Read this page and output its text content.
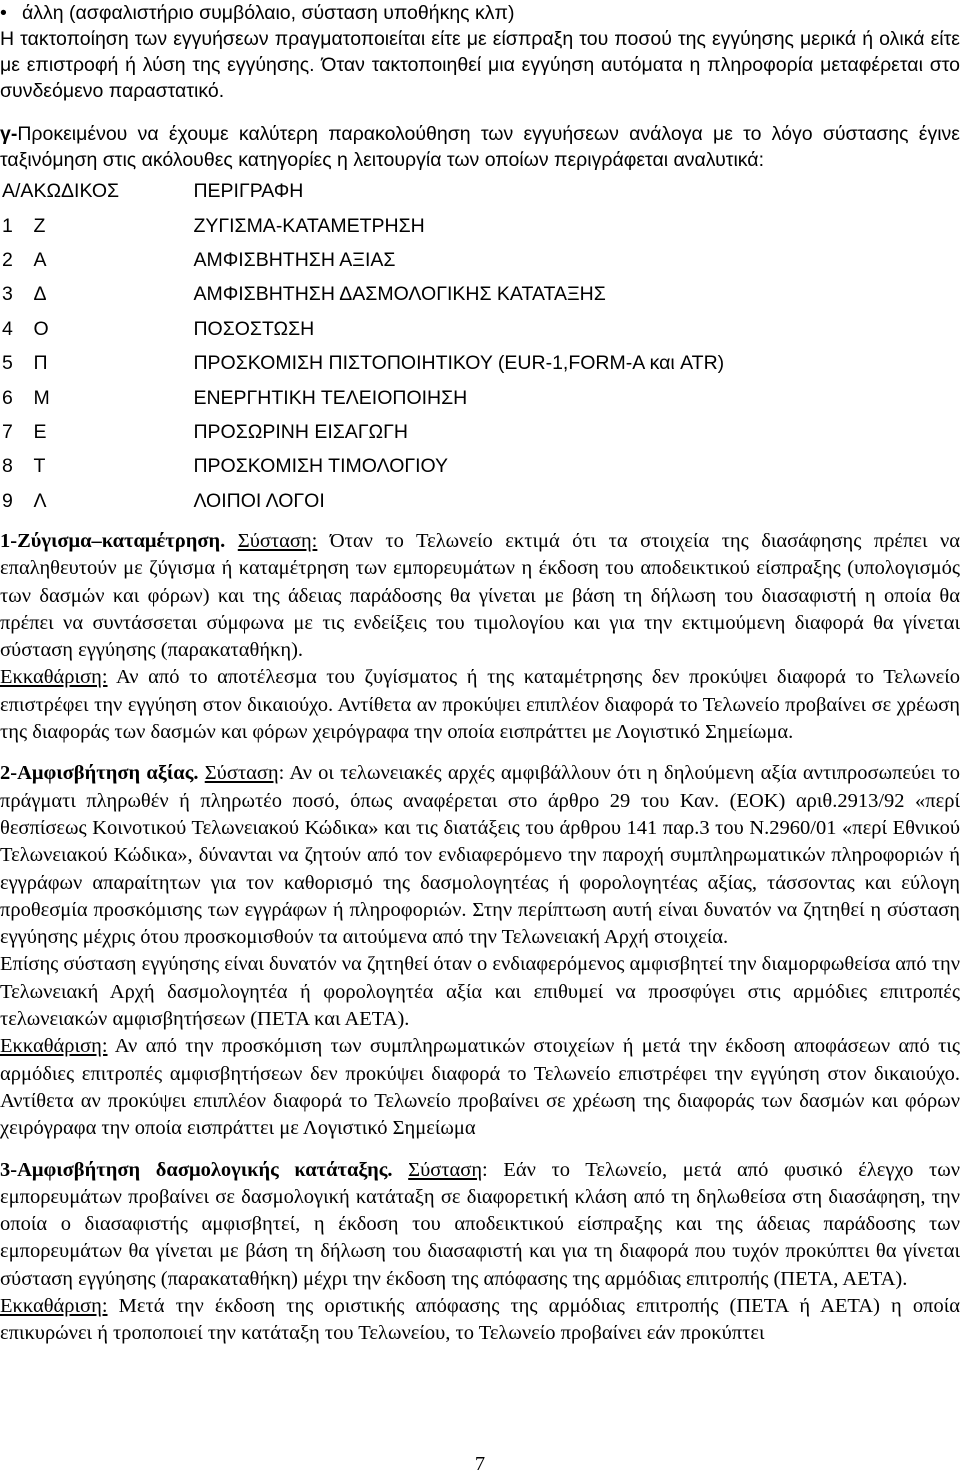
• άλλη (ασφαλιστήριο συμβόλαιο, σύσταση υποθήκης κλπ)
Η τακτοποίηση των εγγυήσεων πραγματοποιείται είτε με είσπραξη του ποσού της εγγύησης μερικά ή ολικά είτε με επιστροφή ή λύση της εγγύησης. Όταν τακτοποιηθεί μια εγγύηση αυτόματα η πληροφορία μεταφέρεται στο συνδεόμενο παραστατικό.
γ-Προκειμένου να έχουμε καλύτερη παρακολούθηση των εγγυήσεων ανάλογα με το λόγο σύστασης έγινε ταξινόμηση στις ακόλουθες κατηγορίες η λειτουργία των οποίων περιγράφεται αναλυτικά:
Α/Α	ΚΩΔΙΚΟΣ	ΠΕΡΙΓΡΑΦΗ
1	Ζ	ΖΥΓΙΣΜΑ-ΚΑΤΑΜΕΤΡΗΣΗ
2	Α	ΑΜΦΙΣΒΗΤΗΣΗ ΑΞΙΑΣ
3	Δ	ΑΜΦΙΣΒΗΤΗΣΗ ΔΑΣΜΟΛΟΓΙΚΗΣ ΚΑΤΑΤΑΞΗΣ
4	Ο	ΠΟΣΟΣΤΩΣΗ
5	Π	ΠΡΟΣΚΟΜΙΣΗ ΠΙΣΤΟΠΟΙΗΤΙΚΟΥ (EUR-1,FORM-A και ATR)
6	Μ	ΕΝΕΡΓΗΤΙΚΗ ΤΕΛΕΙΟΠΟΙΗΣΗ
7	Ε	ΠΡΟΣΩΡΙΝΗ ΕΙΣΑΓΩΓΗ
8	Τ	ΠΡΟΣΚΟΜΙΣΗ ΤΙΜΟΛΟΓΙΟΥ
9	Λ	ΛΟΙΠΟΙ ΛΟΓΟΙ

1-Ζύγισμα–καταμέτρηση. Σύσταση: Όταν το Τελωνείο εκτιμά ότι τα στοιχεία της διασάφησης πρέπει να επαληθευτούν με ζύγισμα ή καταμέτρηση των εμπορευμάτων η έκδοση του αποδεικτικού είσπραξης (υπολογισμός των δασμών και φόρων) και της άδειας παράδοσης θα γίνεται με βάση τη δήλωση του διασαφιστή η οποία θα πρέπει να συντάσσεται σύμφωνα με τις ενδείξεις του τιμολογίου και για την εκτιμούμενη διαφορά θα γίνεται σύσταση εγγύησης (παρακαταθήκη).

Εκκαθάριση: Αν από το αποτέλεσμα του ζυγίσματος ή της καταμέτρησης δεν προκύψει διαφορά το Τελωνείο επιστρέφει την εγγύηση στον δικαιούχο. Αντίθετα αν προκύψει επιπλέον διαφορά το Τελωνείο προβαίνει σε χρέωση της διαφοράς των δασμών και φόρων χειρόγραφα την οποία εισπράττει με Λογιστικό Σημείωμα.

2-Αμφισβήτηση αξίας. Σύσταση: Αν οι τελωνειακές αρχές αμφιβάλλουν ότι η δηλούμενη αξία αντιπροσωπεύει το πράγματι πληρωθέν ή πληρωτέο ποσό, όπως αναφέρεται στο άρθρο 29 του Καν. (ΕΟΚ) αριθ.2913/92 «περί θεσπίσεως Κοινοτικού Τελωνειακού Κώδικα» και τις διατάξεις του άρθρου 141 παρ.3 του Ν.2960/01 «περί Εθνικού Τελωνειακού Κώδικα», δύνανται να ζητούν από τον ενδιαφερόμενο την παροχή συμπληρωματικών πληροφοριών ή εγγράφων απαραίτητων για τον καθορισμό της δασμολογητέας ή φορολογητέας αξίας, τάσσοντας και εύλογη προθεσμία προσκόμισης των εγγράφων ή πληροφοριών. Στην περίπτωση αυτή είναι δυνατόν να ζητηθεί η σύσταση εγγύησης μέχρις ότου προσκομισθούν τα αιτούμενα από την Τελωνειακή Αρχή στοιχεία.

Επίσης σύσταση εγγύησης είναι δυνατόν να ζητηθεί όταν ο ενδιαφερόμενος αμφισβητεί την διαμορφωθείσα από την Τελωνειακή Αρχή δασμολογητέα ή φορολογητέα αξία και επιθυμεί να προσφύγει στις αρμόδιες επιτροπές τελωνειακών αμφισβητήσεων (ΠΕΤΑ και ΑΕΤΑ).

Εκκαθάριση: Αν από την προσκόμιση των συμπληρωματικών στοιχείων ή μετά την έκδοση αποφάσεων από τις αρμόδιες επιτροπές αμφισβητήσεων δεν προκύψει διαφορά το Τελωνείο επιστρέφει την εγγύηση στον δικαιούχο. Αντίθετα αν προκύψει επιπλέον διαφορά το Τελωνείο προβαίνει σε χρέωση της διαφοράς των δασμών και φόρων χειρόγραφα την οποία εισπράττει με Λογιστικό Σημείωμα

3-Αμφισβήτηση δασμολογικής κατάταξης. Σύσταση: Εάν το Τελωνείο, μετά από φυσικό έλεγχο των εμπορευμάτων προβαίνει σε δασμολογική κατάταξη σε διαφορετική κλάση από τη δηλωθείσα στη διασάφηση, την οποία ο διασαφιστής αμφισβητεί, η έκδοση του αποδεικτικού είσπραξης και της άδειας παράδοσης των εμπορευμάτων θα γίνεται με βάση τη δήλωση του διασαφιστή και για τη διαφορά που τυχόν προκύπτει θα γίνεται σύσταση εγγύησης (παρακαταθήκη) μέχρι την έκδοση της απόφασης της αρμόδιας επιτροπής (ΠΕΤΑ, ΑΕΤΑ).

Εκκαθάριση: Μετά την έκδοση της οριστικής απόφασης της αρμόδιας επιτροπής (ΠΕΤΑ ή ΑΕΤΑ) η οποία επικυρώνει ή τροποποιεί την κατάταξη του Τελωνείου, το Τελωνείο προβαίνει εάν προκύπτει

7
